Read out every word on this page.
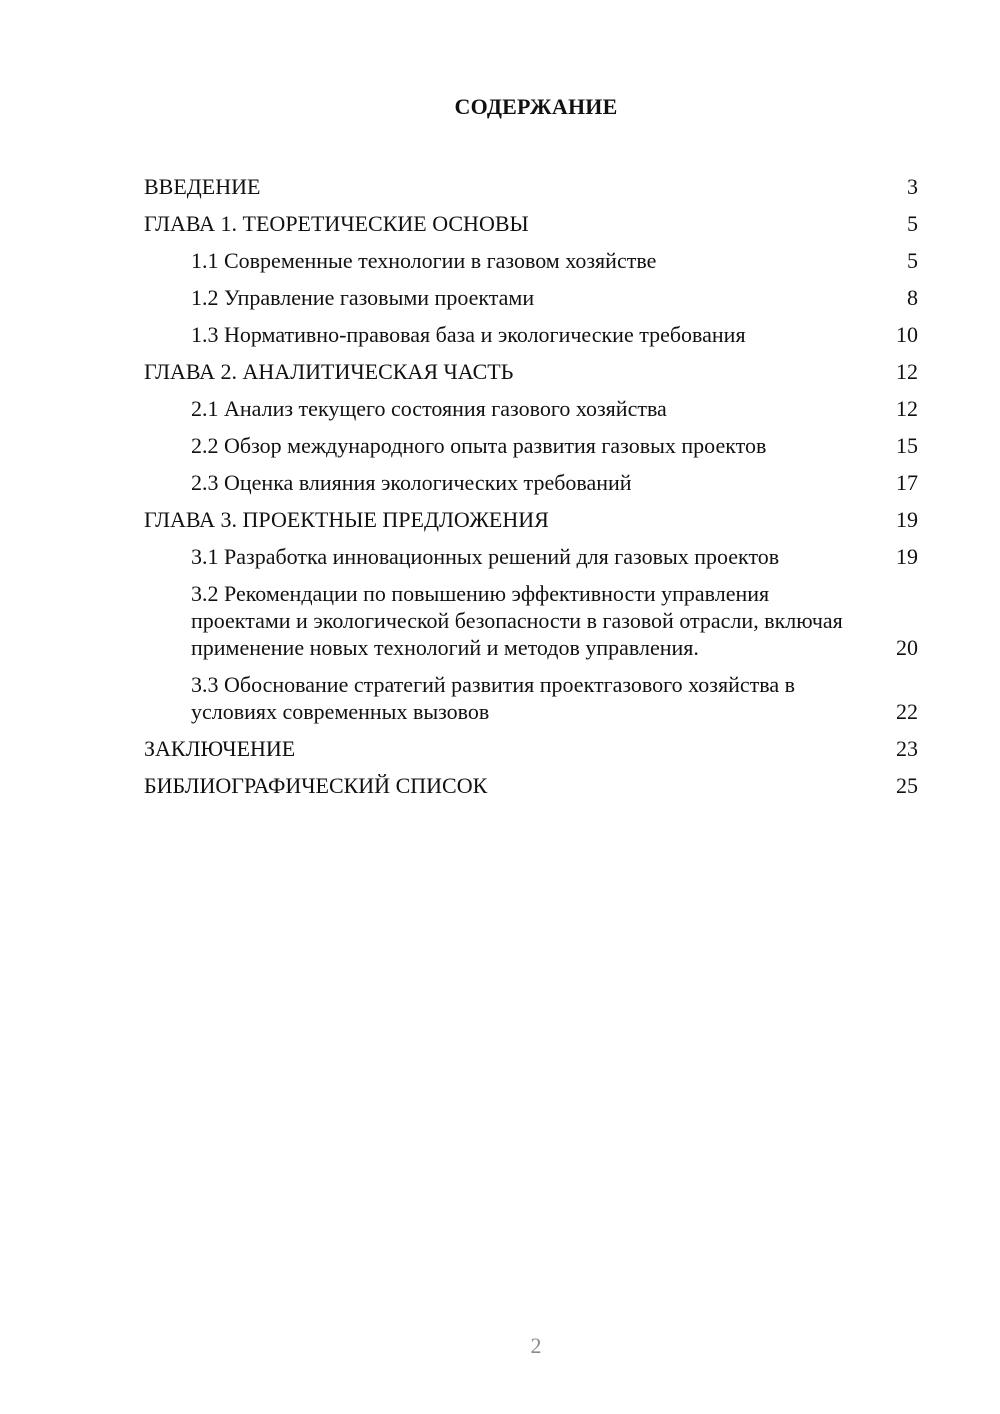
СОДЕРЖАНИЕ
ВВЕДЕНИЕ	3
ГЛАВА 1. ТЕОРЕТИЧЕСКИЕ ОСНОВЫ	5
1.1 Современные технологии в газовом хозяйстве	5
1.2 Управление газовыми проектами	8
1.3 Нормативно-правовая база и экологические требования	10
ГЛАВА 2. АНАЛИТИЧЕСКАЯ ЧАСТЬ	12
2.1 Анализ текущего состояния газового хозяйства	12
2.2 Обзор международного опыта развития газовых проектов	15
2.3 Оценка влияния экологических требований	17
ГЛАВА 3. ПРОЕКТНЫЕ ПРЕДЛОЖЕНИЯ	19
3.1 Разработка инновационных решений для газовых проектов	19
3.2 Рекомендации по повышению эффективности управления проектами и экологической безопасности в газовой отрасли, включая применение новых технологий и методов управления.	20
3.3 Обоснование стратегий развития проектгазового хозяйства в условиях современных вызовов	22
ЗАКЛЮЧЕНИЕ	23
БИБЛИОГРАФИЧЕСКИЙ СПИСОК	25
2
